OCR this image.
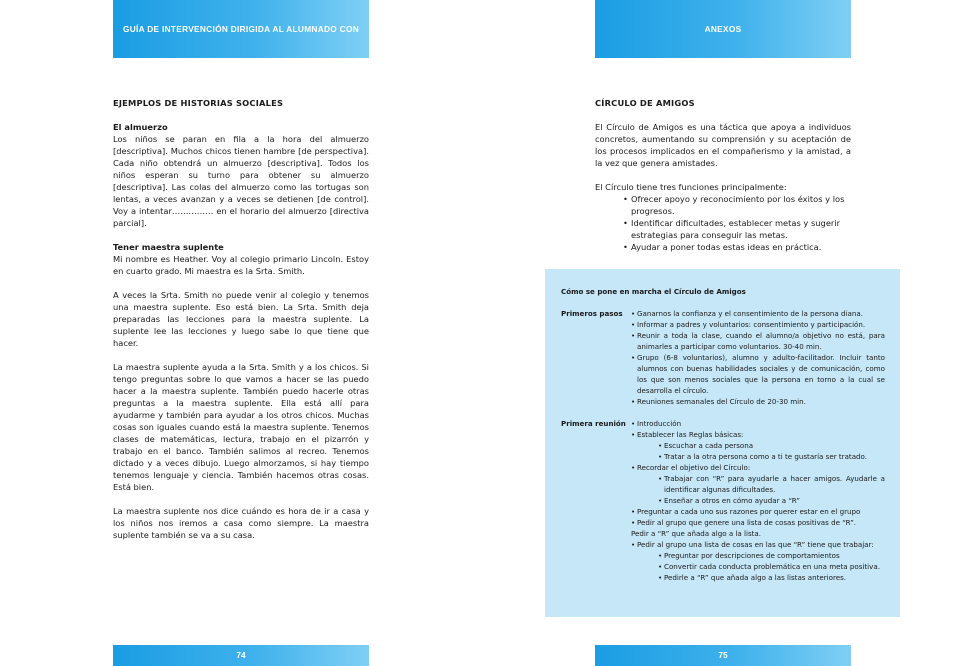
GUÍA DE INTERVENCIÓN DIRIGIDA AL ALUMNADO CON AUTISMO

EJEMPLOS DE HISTORIAS SOCIALES

El almuerzo

Los niños se paran en fila a la hora del almuerzo [descriptiva]. Muchos chicos tienen hambre [de perspectiva]. Cada niño obtendrá un almuerzo [descriptiva]. Todos los niños esperan su turno para obtener su almuerzo [descriptiva]. Las colas del almuerzo como las tortugas son lentas, a veces avanzan y a veces se detienen [de control]. Voy a intentar…………… en el horario del almuerzo [directiva parcial].

Tener maestra suplente

Mi nombre es Heather. Voy al colegio primario Lincoln. Estoy en cuarto grado. Mi maestra es la Srta. Smith.

A veces la Srta. Smith no puede venir al colegio y tenemos una maestra suplente. Eso está bien. La Srta. Smith deja preparadas las lecciones para la maestra suplente. La suplente lee las lecciones y luego sabe lo que tiene que hacer.

La maestra suplente ayuda a la Srta. Smith y a los chicos. Si tengo preguntas sobre lo que vamos a hacer se las puedo hacer a la maestra suplente. También puedo hacerle otras preguntas a la maestra suplente. Ella está allí para ayudarme y también para ayudar a los otros chicos. Muchas cosas son iguales cuando está la maestra suplente. Tenemos clases de matemáticas, lectura, trabajo en el pizarrón y trabajo en el banco. También salimos al recreo. Tenemos dictado y a veces dibujo. Luego almorzamos, si hay tiempo tenemos lenguaje y ciencia. También hacemos otras cosas. Está bien.

La maestra suplente nos dice cuándo es hora de ir a casa y los niños nos iremos a casa como siempre. La maestra suplente también se va a su casa.

74
ANEXOS

CÍRCULO DE AMIGOS

El Círculo de Amigos es una táctica que apoya a individuos concretos, aumentando su comprensión y su aceptación de los procesos implicados en el compañerismo y la amistad, a la vez que genera amistades.

El Círculo tiene tres funciones principalmente:

• Ofrecer apoyo y reconocimiento por los éxitos y los progresos.

• Identificar dificultades, establecer metas y sugerir estrategias para conseguir las metas.

• Ayudar a poner todas estas ideas en práctica.

Cómo se pone en marcha el Círculo de Amigos

Primeros pasos	• Ganarnos la confianza y el consentimiento de la persona diana.
• Informar a padres y voluntarios: consentimiento y participación.
• Reunir a toda la clase, cuando el alumno/a objetivo no está, para animarles a participar como voluntarios. 30-40 min.
• Grupo (6-8 voluntarios), alumno y adulto-facilitador. Incluir tanto alumnos con buenas habilidades sociales y de comunicación, como los que son menos sociales que la persona en torno a la cual se desarrolla el círculo.
• Reuniones semanales del Círculo de 20-30 min.
Primera reunión	• Introducción
• Establecer las Reglas básicas:
• Escuchar a cada persona
• Tratar a la otra persona como a ti te gustaría ser tratado.
• Recordar el objetivo del Círculo:
• Trabajar con “R” para ayudarle a hacer amigos. Ayudarle a identificar algunas dificultades.
• Enseñar a otros en cómo ayudar a “R”
• Preguntar a cada uno sus razones por querer estar en el grupo
• Pedir al grupo que genere una lista de cosas positivas de “R”.
Pedir a “R” que añada algo a la lista.
• Pedir al grupo una lista de cosas en las que “R” tiene que trabajar:
• Preguntar por descripciones de comportamientos
• Convertir cada conducta problemática en una meta positiva.
• Pedirle a “R” que añada algo a las listas anteriores.
75
